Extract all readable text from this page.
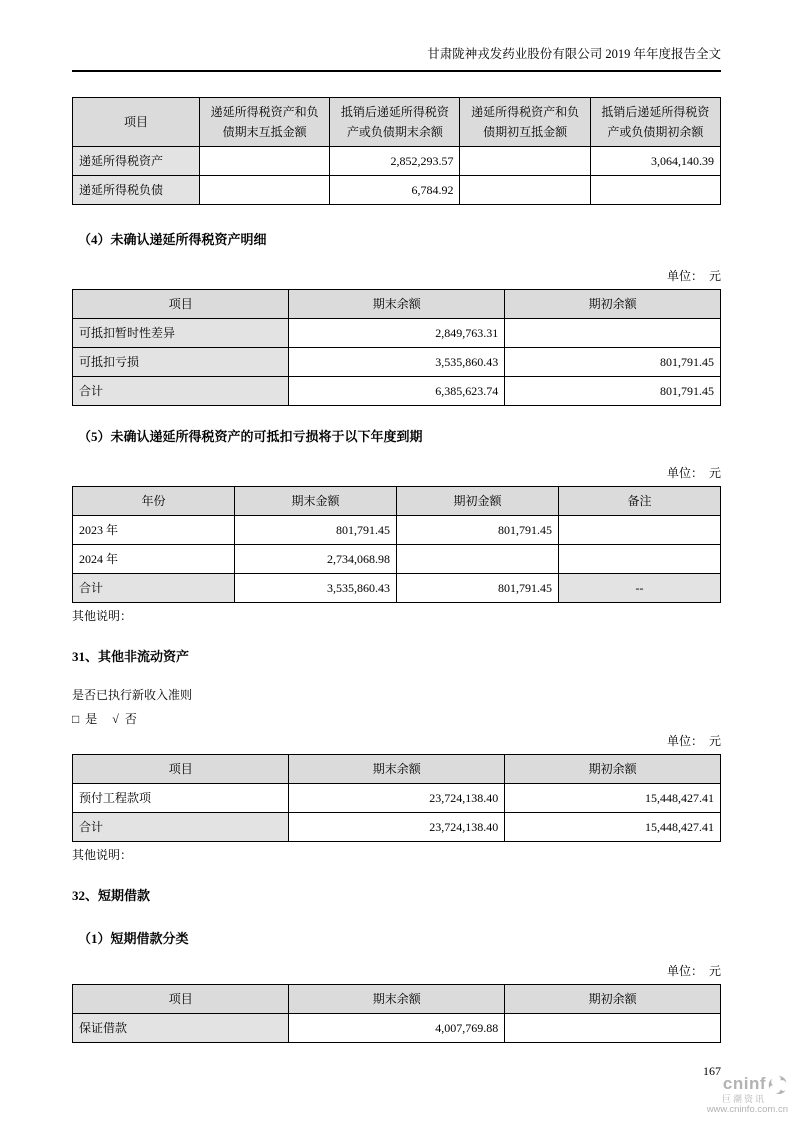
甘肃陇神戎发药业股份有限公司 2019 年年度报告全文
项目	递延所得税资产和负债期末互抵金额	抵销后递延所得税资产或负债期末余额	递延所得税资产和负债期初互抵金额	抵销后递延所得税资产或负债期初余额
递延所得税资产		2,852,293.57		3,064,140.39
递延所得税负债		6,784.92		
（4）未确认递延所得税资产明细
单位：　元
项目	期末余额	期初余额
可抵扣暂时性差异	2,849,763.31	
可抵扣亏损	3,535,860.43	801,791.45
合计	6,385,623.74	801,791.45
（5）未确认递延所得税资产的可抵扣亏损将于以下年度到期
单位：　元
年份	期末金额	期初金额	备注
2023 年	801,791.45	801,791.45	
2024 年	2,734,068.98		
合计	3,535,860.43	801,791.45	--
其他说明：
31、其他非流动资产
是否已执行新收入准则
□ 是 √ 否
单位：　元
项目	期末余额	期初余额
预付工程款项	23,724,138.40	15,448,427.41
合计	23,724,138.40	15,448,427.41
其他说明：
32、短期借款
（1）短期借款分类
单位：　元
项目	期末余额	期初余额
保证借款	4,007,769.88	
167
cninf
巨潮资讯
www.cninfo.com.cn
